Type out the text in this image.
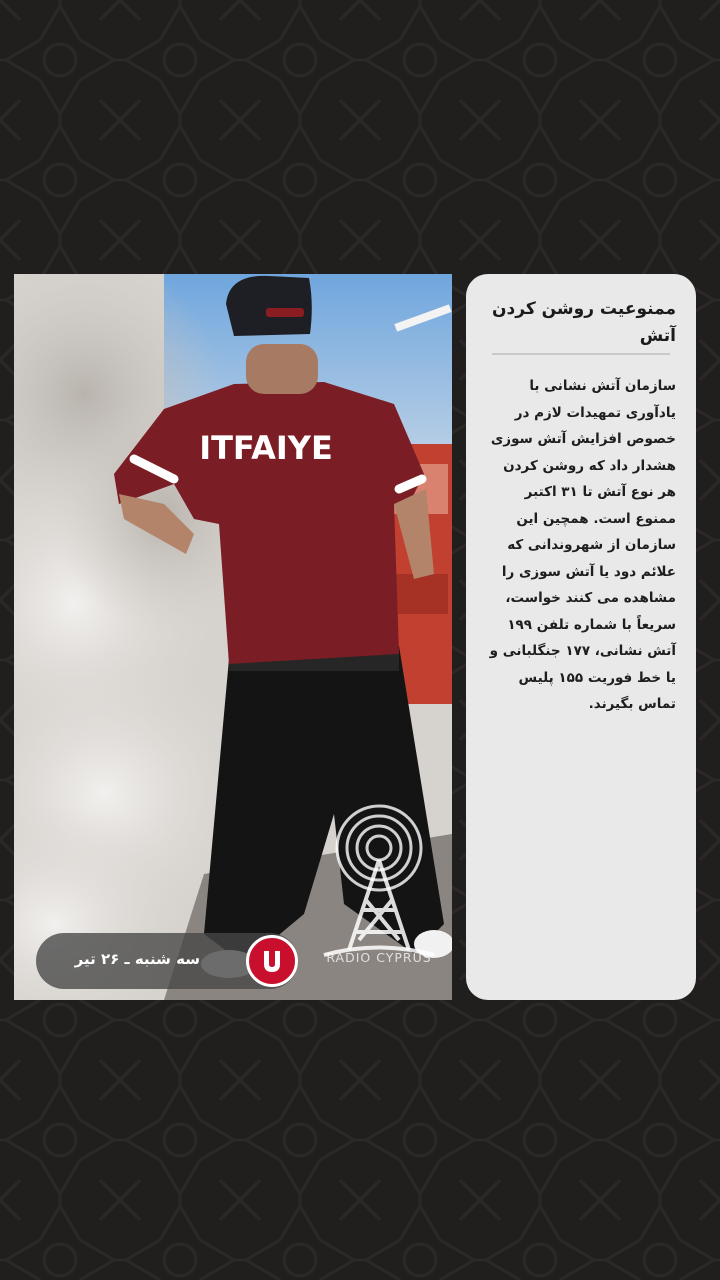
ITFAIYE
RADIO CYPRUS
سه شنبه ـ ۲۶ تیر
ممنوعیت روشن کردن آتش

سازمان آتش نشانی با یادآوری تمهیدات لازم در خصوص افزایش آتش سوزی هشدار داد که روشن کردن هر نوع آتش تا ۳۱ اکتبر ممنوع است. همچین این سازمان از شهروندانی که علائم دود یا آتش سوزی را مشاهده می کنند خواست، سریعاً با شماره تلفن ۱۹۹ آتش نشانی، ۱۷۷ جنگلبانی و یا خط فوریت ۱۵۵ پلیس تماس بگیرند.
